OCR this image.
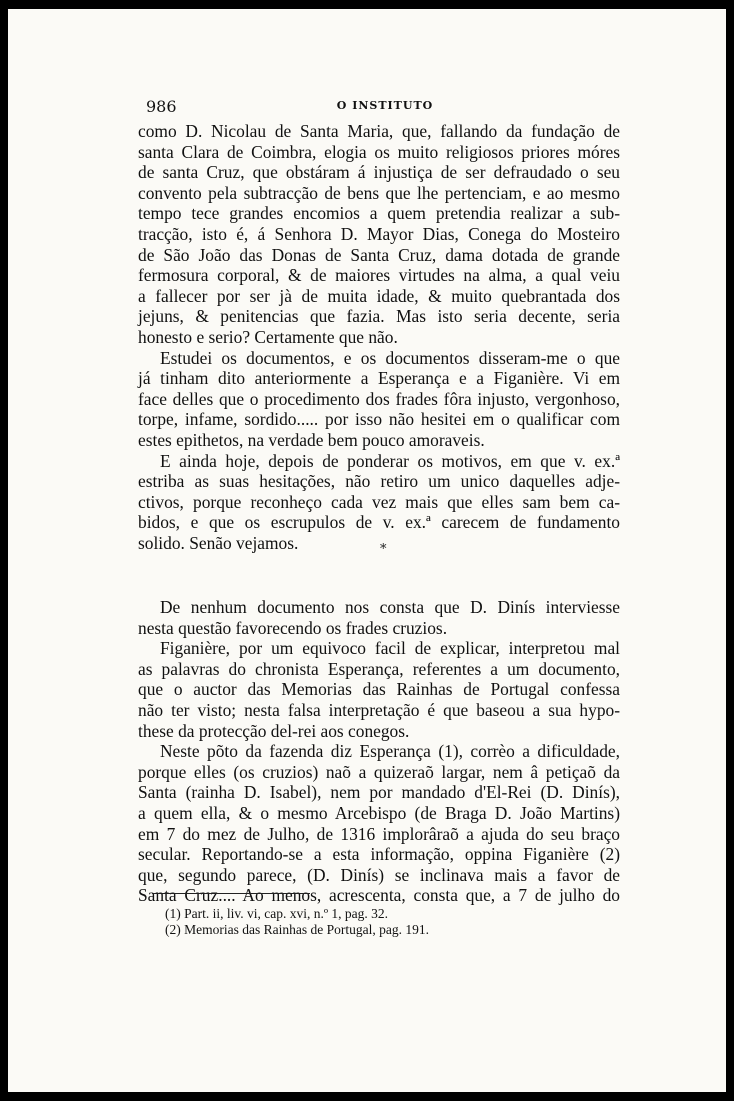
986	O INSTITUTO
como D. Nicolau de Santa Maria, que, fallando da fundação de
santa Clara de Coimbra, elogia os muito religiosos priores móres
de santa Cruz, que obstáram á injustiça de ser defraudado o seu
convento pela subtracção de bens que lhe pertenciam, e ao mesmo
tempo tece grandes encomios a quem pretendia realizar a sub-
tracção, isto é, á Senhora D. Mayor Dias, Conega do Mosteiro
de São João das Donas de Santa Cruz, dama dotada de grande
fermosura corporal, & de maiores virtudes na alma, a qual veiu
a fallecer por ser jà de muita idade, & muito quebrantada dos
jejuns, & penitencias que fazia. Mas isto seria decente, seria
honesto e serio? Certamente que não.
Estudei os documentos, e os documentos disseram-me o que
já tinham dito anteriormente a Esperança e a Figanière. Vi em
face delles que o procedimento dos frades fôra injusto, vergonhoso,
torpe, infame, sordido..... por isso não hesitei em o qualificar com
estes epithetos, na verdade bem pouco amoraveis.
E ainda hoje, depois de ponderar os motivos, em que v. ex.ª
estriba as suas hesitações, não retiro um unico daquelles adje-
ctivos, porque reconheço cada vez mais que elles sam bem ca-
bidos, e que os escrupulos de v. ex.ª carecem de fundamento
solido. Senão vejamos.	*
De nenhum documento nos consta que D. Dinís interviesse
nesta questão favorecendo os frades cruzios.
Figanière, por um equivoco facil de explicar, interpretou mal
as palavras do chronista Esperança, referentes a um documento,
que o auctor das Memorias das Rainhas de Portugal confessa
não ter visto; nesta falsa interpretação é que baseou a sua hypo-
these da protecção del-rei aos conegos.
Neste põto da fazenda diz Esperança (1), corrèo a dificuldade,
porque elles (os cruzios) naõ a quizeraõ largar, nem â petiçaõ da
Santa (rainha D. Isabel), nem por mandado d'El-Rei (D. Dinís),
a quem ella, & o mesmo Arcebispo (de Braga D. João Martins)
em 7 do mez de Julho, de 1316 implorâraõ a ajuda do seu braço
secular. Reportando-se a esta informação, oppina Figanière (2)
que, segundo parece, (D. Dinís) se inclinava mais a favor de
Santa Cruz.... Ao menos, acrescenta, consta que, a 7 de julho do
(1) Part. ii, liv. vi, cap. xvi, n.º 1, pag. 32.
(2) Memorias das Rainhas de Portugal, pag. 191.
